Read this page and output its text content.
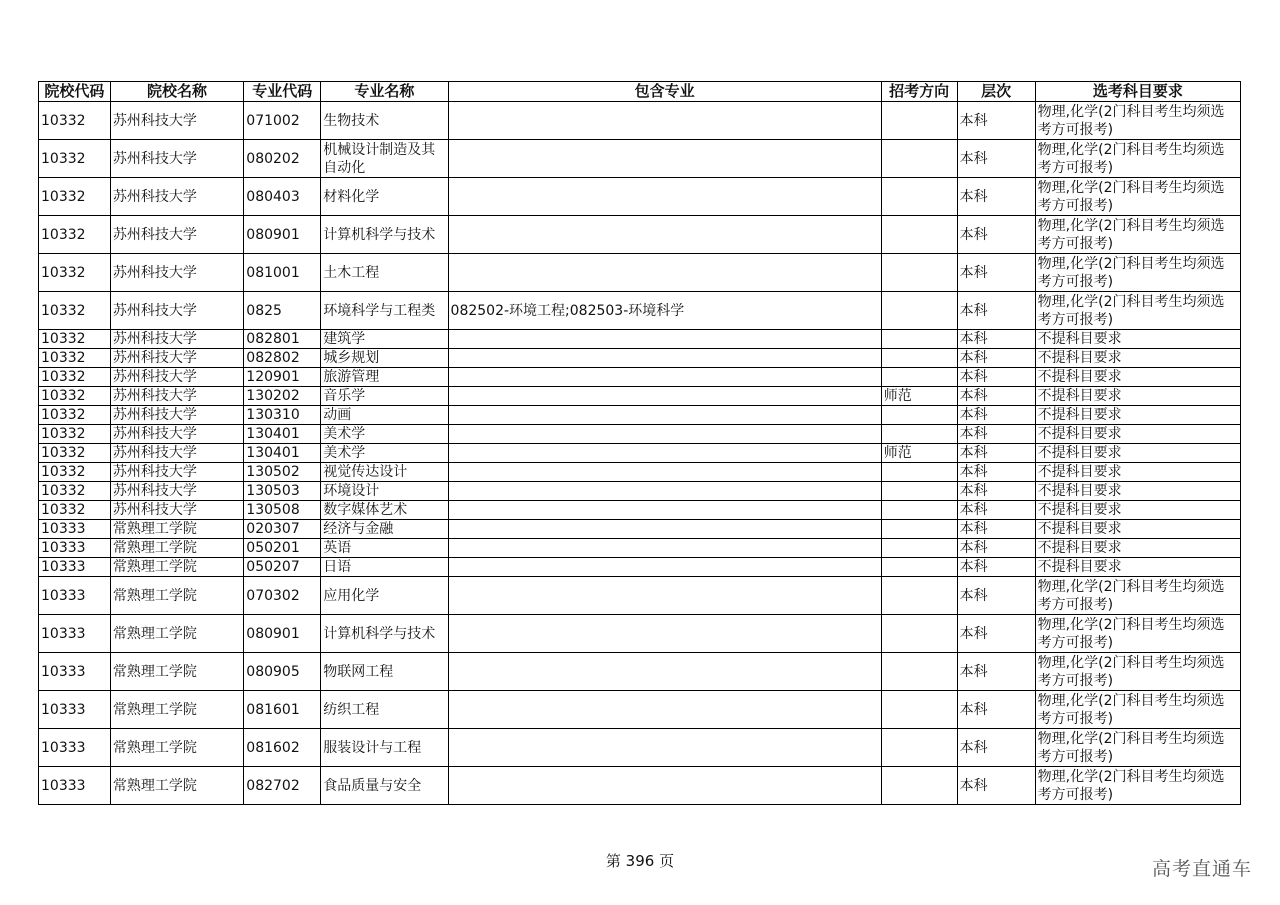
院校代码	院校名称	专业代码	专业名称	包含专业	招考方向	层次	选考科目要求
10332	苏州科技大学	071002	生物技术			本科	物理,化学(2门科目考生均须选考方可报考)
10332	苏州科技大学	080202	机械设计制造及其自动化			本科	物理,化学(2门科目考生均须选考方可报考)
10332	苏州科技大学	080403	材料化学			本科	物理,化学(2门科目考生均须选考方可报考)
10332	苏州科技大学	080901	计算机科学与技术			本科	物理,化学(2门科目考生均须选考方可报考)
10332	苏州科技大学	081001	土木工程			本科	物理,化学(2门科目考生均须选考方可报考)
10332	苏州科技大学	0825	环境科学与工程类	082502-环境工程;082503-环境科学		本科	物理,化学(2门科目考生均须选考方可报考)
10332	苏州科技大学	082801	建筑学			本科	不提科目要求
10332	苏州科技大学	082802	城乡规划			本科	不提科目要求
10332	苏州科技大学	120901	旅游管理			本科	不提科目要求
10332	苏州科技大学	130202	音乐学		师范	本科	不提科目要求
10332	苏州科技大学	130310	动画			本科	不提科目要求
10332	苏州科技大学	130401	美术学			本科	不提科目要求
10332	苏州科技大学	130401	美术学		师范	本科	不提科目要求
10332	苏州科技大学	130502	视觉传达设计			本科	不提科目要求
10332	苏州科技大学	130503	环境设计			本科	不提科目要求
10332	苏州科技大学	130508	数字媒体艺术			本科	不提科目要求
10333	常熟理工学院	020307	经济与金融			本科	不提科目要求
10333	常熟理工学院	050201	英语			本科	不提科目要求
10333	常熟理工学院	050207	日语			本科	不提科目要求
10333	常熟理工学院	070302	应用化学			本科	物理,化学(2门科目考生均须选考方可报考)
10333	常熟理工学院	080901	计算机科学与技术			本科	物理,化学(2门科目考生均须选考方可报考)
10333	常熟理工学院	080905	物联网工程			本科	物理,化学(2门科目考生均须选考方可报考)
10333	常熟理工学院	081601	纺织工程			本科	物理,化学(2门科目考生均须选考方可报考)
10333	常熟理工学院	081602	服装设计与工程			本科	物理,化学(2门科目考生均须选考方可报考)
10333	常熟理工学院	082702	食品质量与安全			本科	物理,化学(2门科目考生均须选考方可报考)
第 396 页	高考直通车
